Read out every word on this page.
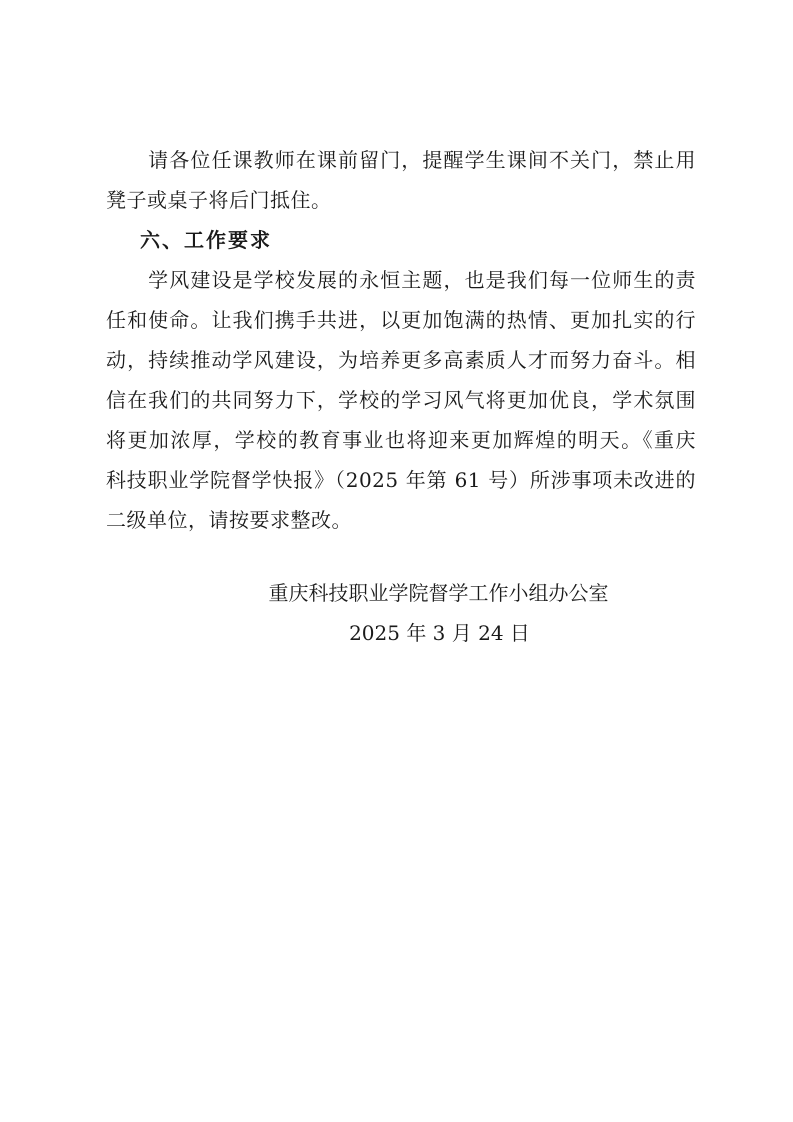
　　请各位任课教师在课前留门，提醒学生课间不关门，禁止用
凳子或桌子将后门抵住。
六、工作要求
　　学风建设是学校发展的永恒主题，也是我们每一位师生的责
任和使命。让我们携手共进，以更加饱满的热情、更加扎实的行
动，持续推动学风建设，为培养更多高素质人才而努力奋斗。相
信在我们的共同努力下，学校的学习风气将更加优良，学术氛围
将更加浓厚，学校的教育事业也将迎来更加辉煌的明天。《重庆
科技职业学院督学快报》（2025 年第 61 号）所涉事项未改进的
二级单位，请按要求整改。
重庆科技职业学院督学工作小组办公室
2025 年 3 月 24 日
